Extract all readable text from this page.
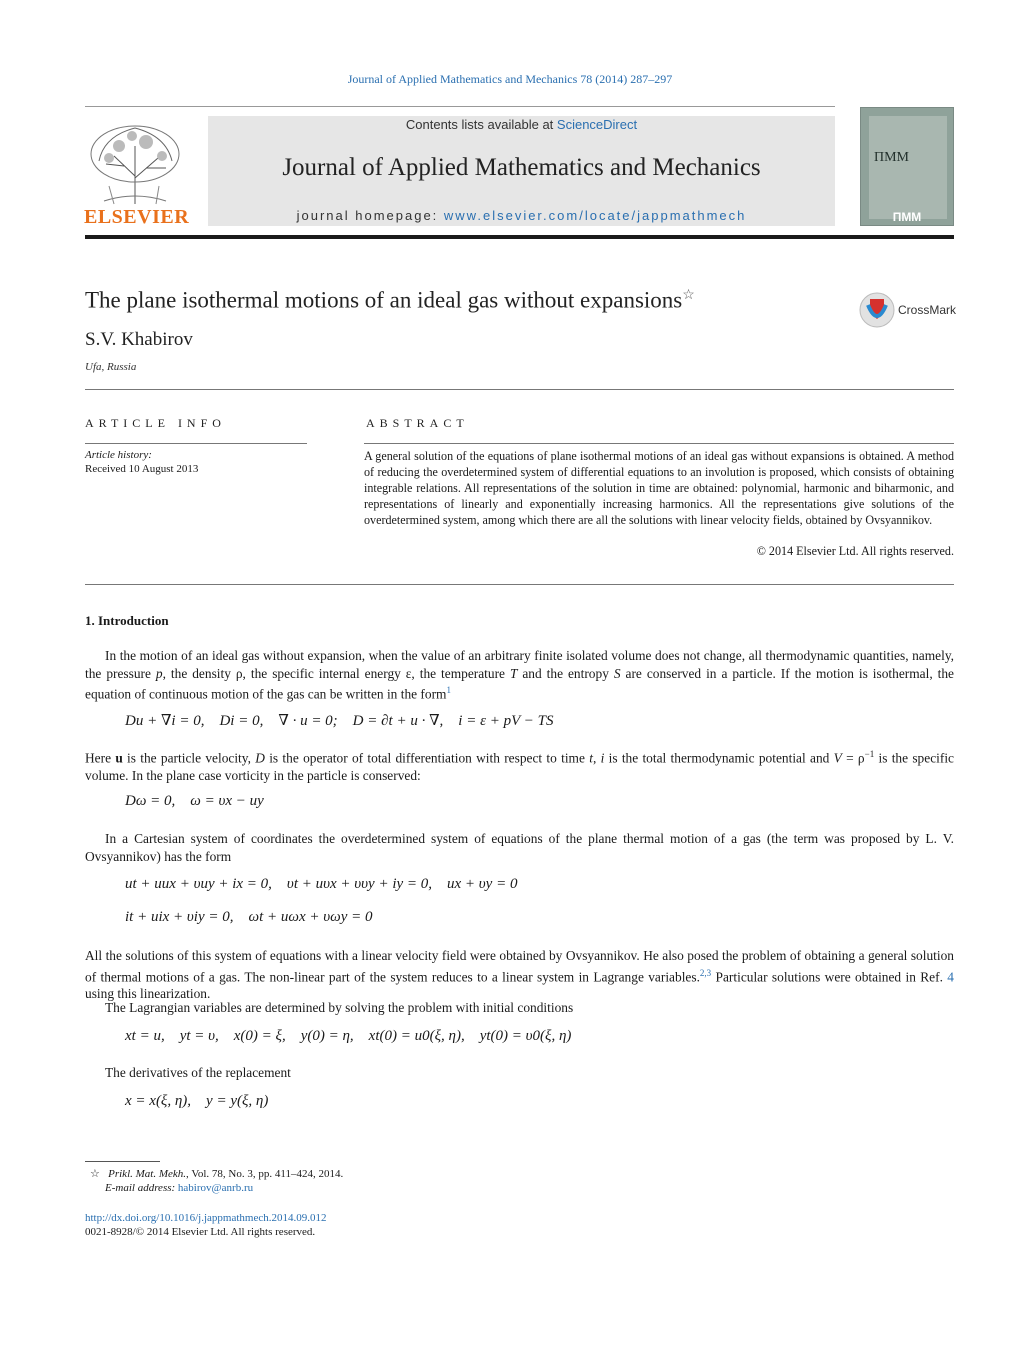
Journal of Applied Mathematics and Mechanics 78 (2014) 287–297
ELSEVIER
Contents lists available at ScienceDirect
Journal of Applied Mathematics and Mechanics
journal homepage: www.elsevier.com/locate/jappmathmech
ПММ
ПММ
The plane isothermal motions of an ideal gas without expansions☆
CrossMark
S.V. Khabirov
Ufa, Russia
ARTICLE INFO
Article history:
Received 10 August 2013
ABSTRACT
A general solution of the equations of plane isothermal motions of an ideal gas without expansions is obtained. A method of reducing the overdetermined system of differential equations to an involution is proposed, which consists of obtaining integrable relations. All representations of the solution in time are obtained: polynomial, harmonic and biharmonic, and representations of linearly and exponentially increasing harmonics. All the representations give solutions of the overdetermined system, among which there are all the solutions with linear velocity fields, obtained by Ovsyannikov.
© 2014 Elsevier Ltd. All rights reserved.
1. Introduction
In the motion of an ideal gas without expansion, when the value of an arbitrary finite isolated volume does not change, all thermodynamic quantities, namely, the pressure p, the density ρ, the specific internal energy ε, the temperature T and the entropy S are conserved in a particle. If the motion is isothermal, the equation of continuous motion of the gas can be written in the form$^1$
Du + ∇i = 0,    Di = 0,    ∇ · u = 0;    D = ∂t + u · ∇,    i = ε + pV − TS
Here u is the particle velocity, D is the operator of total differentiation with respect to time t, i is the total thermodynamic potential and $V = \rho^{-1}$ is the specific volume. In the plane case vorticity in the particle is conserved:
Dω = 0,    ω = υx − uy
In a Cartesian system of coordinates the overdetermined system of equations of the plane thermal motion of a gas (the term was proposed by L. V. Ovsyannikov) has the form
ut + uux + υuy + ix = 0,    υt + uυx + υυy + iy = 0,    ux + υy = 0
it + uix + υiy = 0,    ωt + uωx + υωy = 0
All the solutions of this system of equations with a linear velocity field were obtained by Ovsyannikov. He also posed the problem of obtaining a general solution of thermal motions of a gas. The non-linear part of the system reduces to a linear system in Lagrange variables.$^{2,3}$ Particular solutions were obtained in Ref. 4 using this linearization.
The Lagrangian variables are determined by solving the problem with initial conditions
xt = u,    yt = υ,    x(0) = ξ,    y(0) = η,    xt(0) = u0(ξ, η),    yt(0) = υ0(ξ, η)
The derivatives of the replacement
x = x(ξ, η),    y = y(ξ, η)
☆ Prikl. Mat. Mekh., Vol. 78, No. 3, pp. 411–424, 2014.
E-mail address: habirov@anrb.ru
http://dx.doi.org/10.1016/j.jappmathmech.2014.09.012
0021-8928/© 2014 Elsevier Ltd. All rights reserved.
